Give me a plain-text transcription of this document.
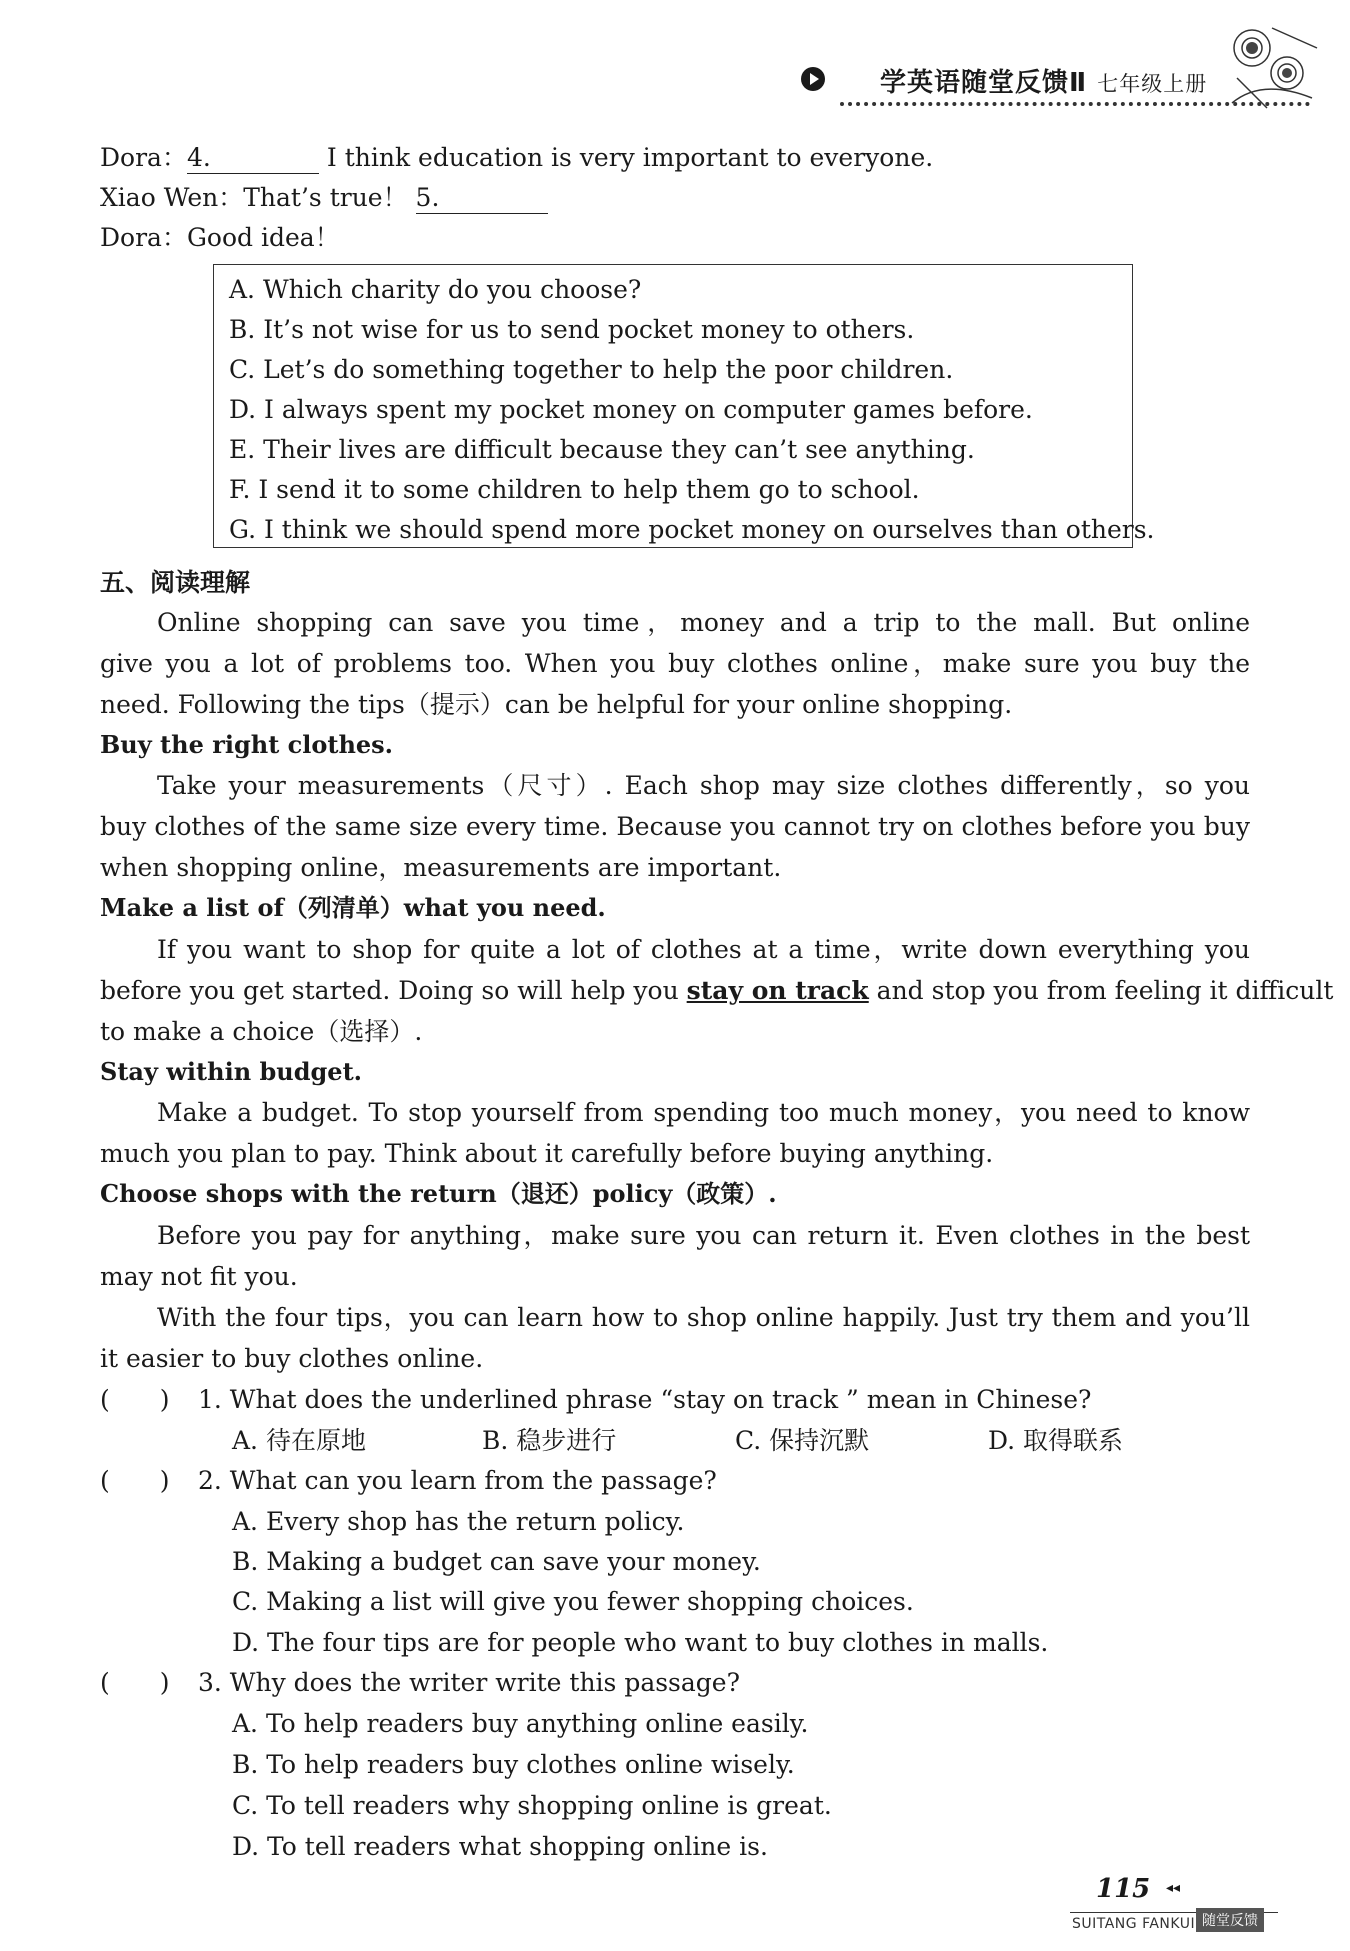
学英语随堂反馈Ⅱ 七年级上册
Dora：4.	I think education is very important to everyone.
Xiao Wen：That’s true！ 5.
Dora：Good idea！
A. Which charity do you choose?
B. It’s not wise for us to send pocket money to others.
C. Let’s do something together to help the poor children.
D. I always spent my pocket money on computer games before.
E. Their lives are difficult because they can’t see anything.
F. I send it to some children to help them go to school.
G. I think we should spend more pocket money on ourselves than others.
五、阅读理解
Online shopping can save you time，money and a trip to the mall. But online
give you a lot of problems too. When you buy clothes online，make sure you buy the
need. Following the tips（提示）can be helpful for your online shopping.
Buy the right clothes.
Take your measurements（尺寸）. Each shop may size clothes differently，so you
buy clothes of the same size every time. Because you cannot try on clothes before you buy
when shopping online，measurements are important.
Make a list of（列清单）what you need.
If you want to shop for quite a lot of clothes at a time，write down everything you
before you get started. Doing so will help you stay on track and stop you from feeling it difficult
to make a choice（选择）.
Stay within budget.
Make a budget. To stop yourself from spending too much money，you need to know
much you plan to pay. Think about it carefully before buying anything.
Choose shops with the return（退还）policy（政策）.
Before you pay for anything，make sure you can return it. Even clothes in the best
may not fit you.
With the four tips，you can learn how to shop online happily. Just try them and you’ll
it easier to buy clothes online.
(　　) 1. What does the underlined phrase “stay on track ” mean in Chinese?
A. 待在原地	B. 稳步进行	C. 保持沉默	D. 取得联系
(　　) 2. What can you learn from the passage?
A. Every shop has the return policy.
B. Making a budget can save your money.
C. Making a list will give you fewer shopping choices.
D. The four tips are for people who want to buy clothes in malls.
(　　) 3. Why does the writer write this passage?
A. To help readers buy anything online easily.
B. To help readers buy clothes online wisely.
C. To tell readers why shopping online is great.
D. To tell readers what shopping online is.
115 ◂◂
SUITANG FANKUI 随堂反馈
